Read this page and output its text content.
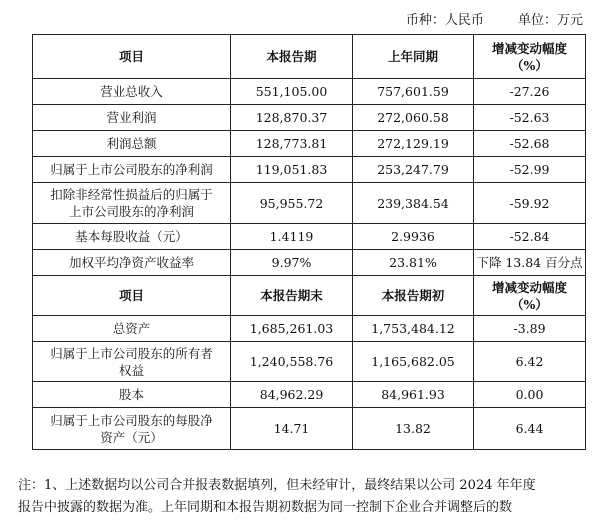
币种：人民币	单位：万元
项目	本报告期	上年同期	增减变动幅度
（%）

营业总收入	551,105.00	757,601.59	-27.26
营业利润	128,870.37	272,060.58	-52.63
利润总额	128,773.81	272,129.19	-52.68
归属于上市公司股东的净利润	119,051.83	253,247.79	-52.99

扣除非经常性损益后的归属于
上市公司股东的净利润	95,955.72	239,384.54	-59.92
基本每股收益（元）	1.4119	2.9936	-52.84
加权平均净资产收益率	9.97%	23.81%	下降 13.84 百分点
项目	本报告期末	本报告期初	增减变动幅度
（%）

总资产	1,685,261.03	1,753,484.12	-3.89

归属于上市公司股东的所有者
权益	1,240,558.76	1,165,682.05	6.42
股本	84,962.29	84,961.93	0.00

归属于上市公司股东的每股净
资产（元）	14.71	13.82	6.44

注：1、上述数据均以公司合并报表数据填列，但未经审计，最终结果以公司 2024 年年度

报告中披露的数据为准。上年同期和本报告期初数据为同一控制下企业合并调整后的数
